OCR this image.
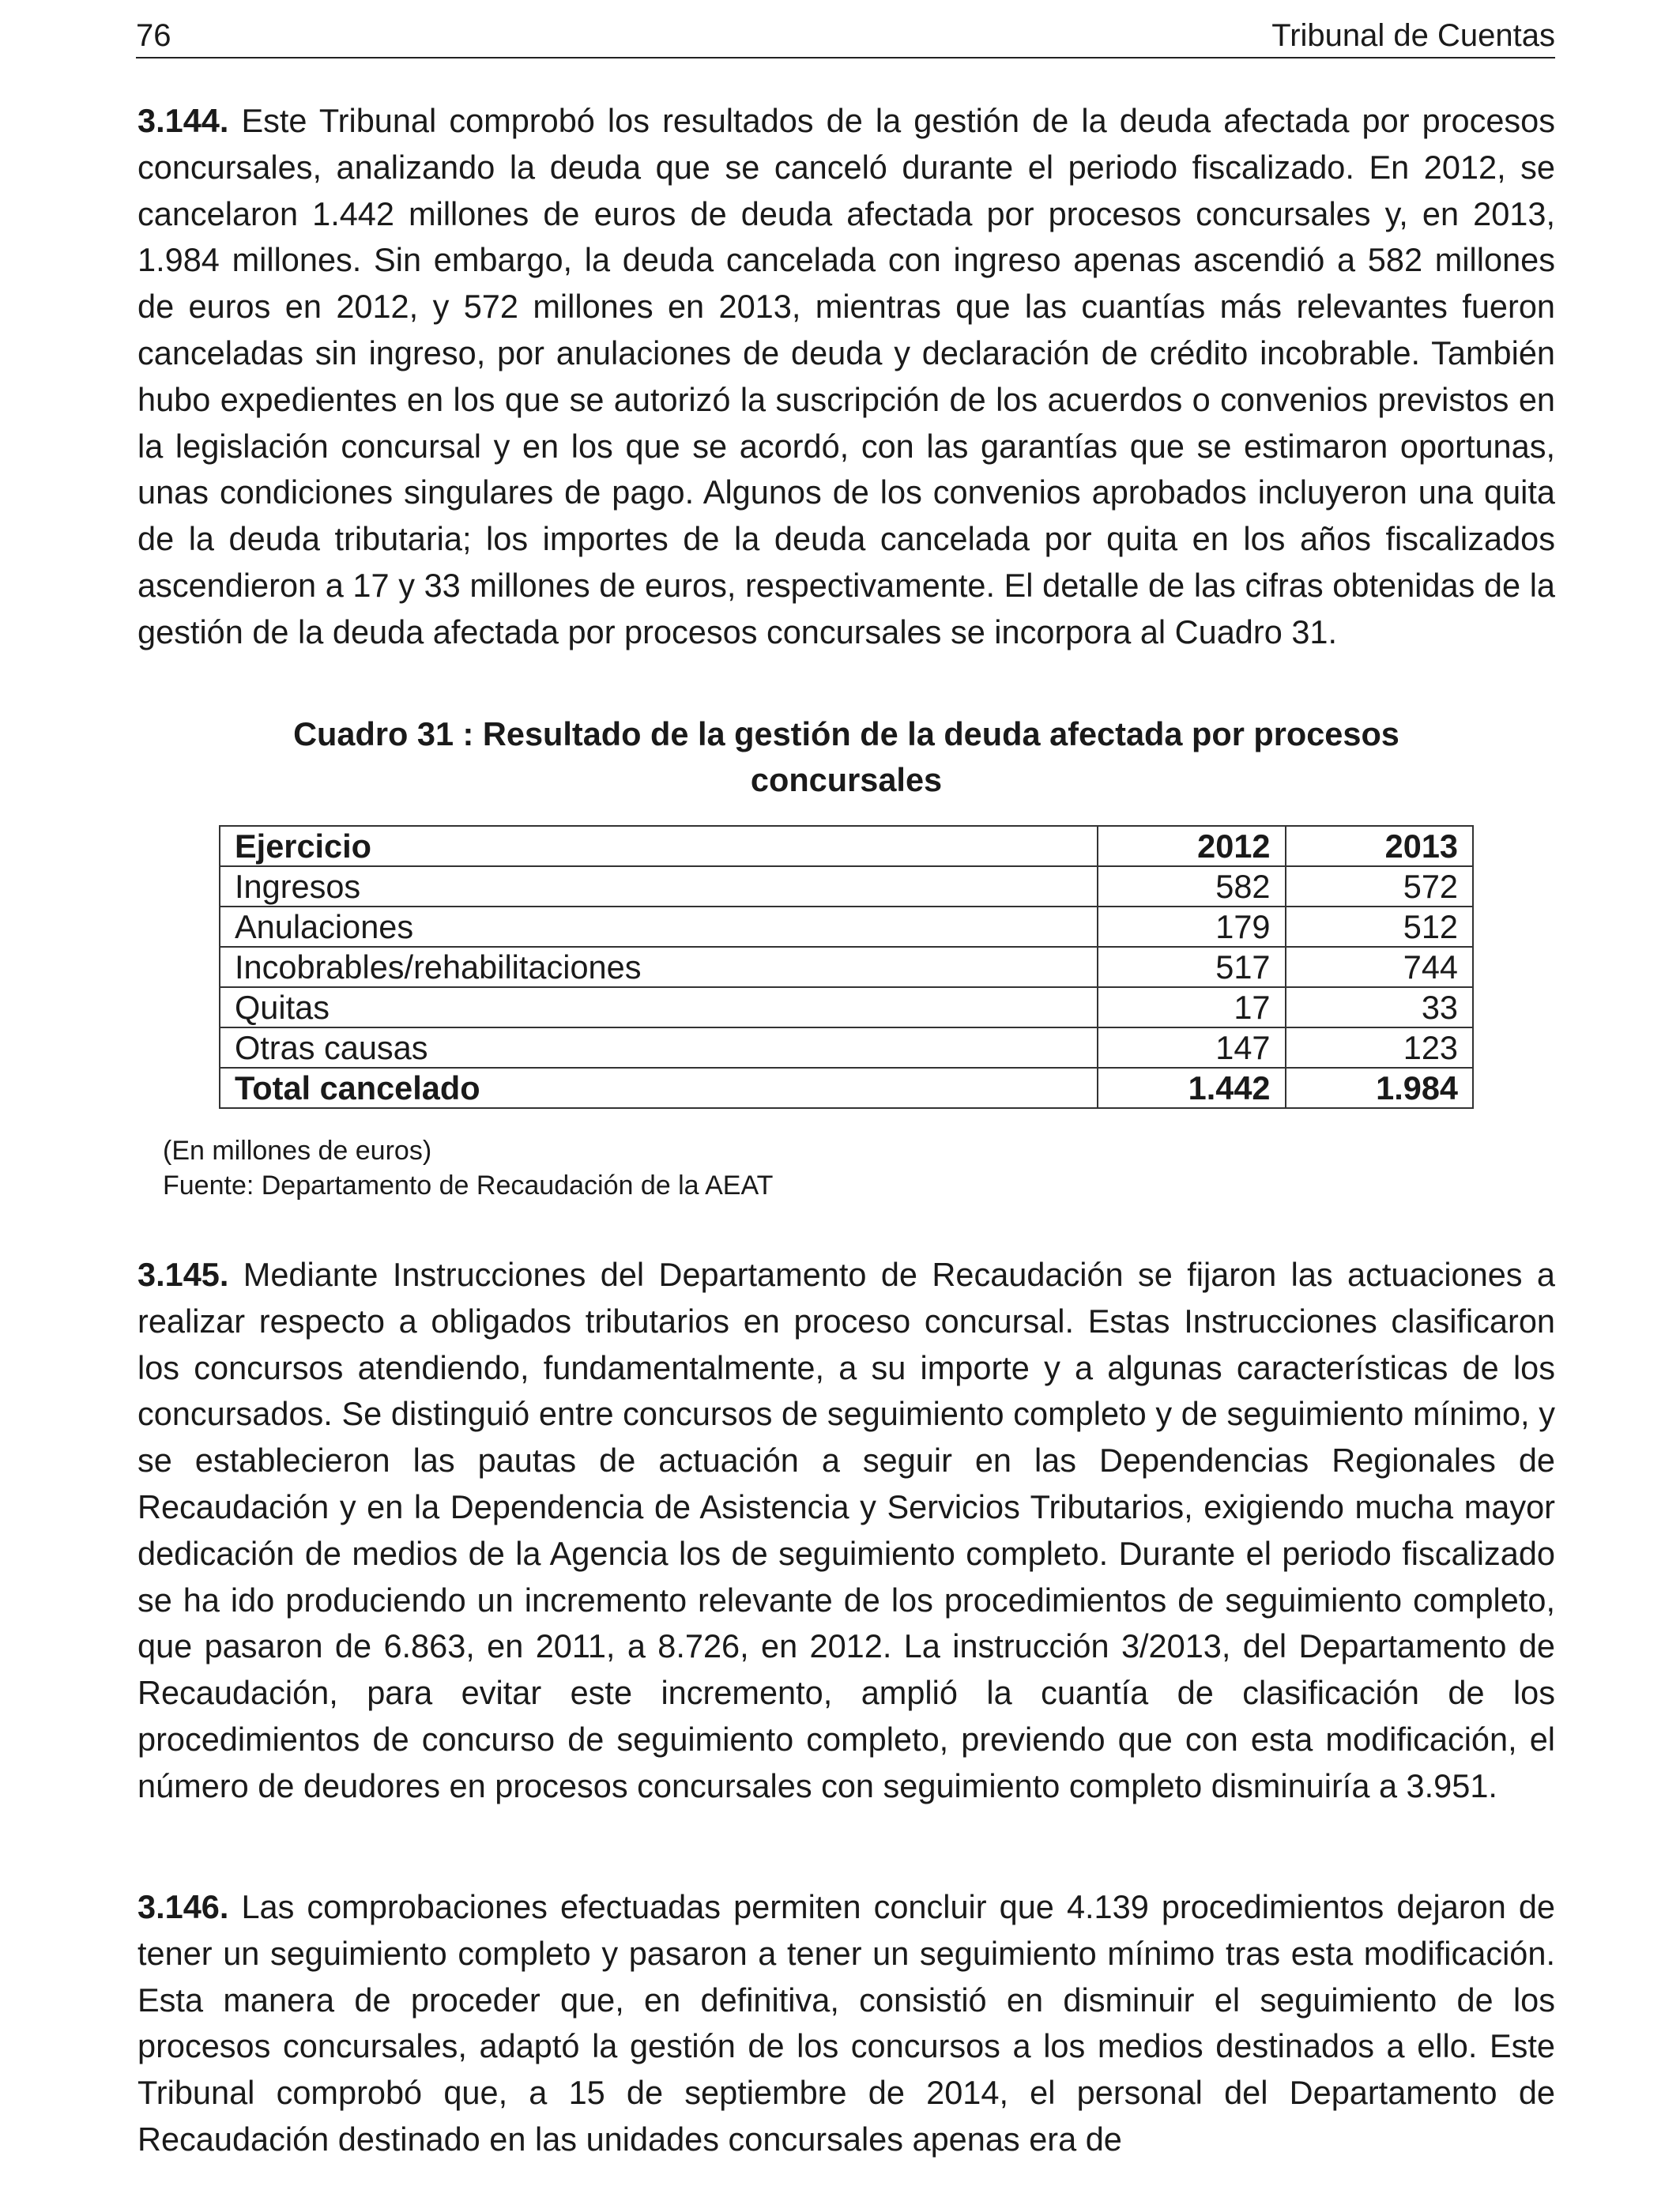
76	Tribunal de Cuentas

3.144. Este Tribunal comprobó los resultados de la gestión de la deuda afectada por procesos concursales, analizando la deuda que se canceló durante el periodo fiscalizado. En 2012, se cancelaron 1.442 millones de euros de deuda afectada por procesos concursales y, en 2013, 1.984 millones. Sin embargo, la deuda cancelada con ingreso apenas ascendió a 582 millones de euros en 2012, y 572 millones en 2013, mientras que las cuantías más relevantes fueron canceladas sin ingreso, por anulaciones de deuda y declaración de crédito incobrable. También hubo expedientes en los que se autorizó la suscripción de los acuerdos o convenios previstos en la legislación concursal y en los que se acordó, con las garantías que se estimaron oportunas, unas condiciones singulares de pago. Algunos de los convenios aprobados incluyeron una quita de la deuda tributaria; los importes de la deuda cancelada por quita en los años fiscalizados ascendieron a 17 y 33 millones de euros, respectivamente. El detalle de las cifras obtenidas de la gestión de la deuda afectada por procesos concursales se incorpora al Cuadro 31.

Cuadro 31 : Resultado de la gestión de la deuda afectada por procesos
concursales

Ejercicio	2012	2013
Ingresos	582	572
Anulaciones	179	512
Incobrables/rehabilitaciones	517	744
Quitas	17	33
Otras causas	147	123
Total cancelado	1.442	1.984

(En millones de euros)

Fuente: Departamento de Recaudación de la AEAT

3.145. Mediante Instrucciones del Departamento de Recaudación se fijaron las actuaciones a realizar respecto a obligados tributarios en proceso concursal. Estas Instrucciones clasificaron los concursos atendiendo, fundamentalmente, a su importe y a algunas características de los concursados. Se distinguió entre concursos de seguimiento completo y de seguimiento mínimo, y se establecieron las pautas de actuación a seguir en las Dependencias Regionales de Recaudación y en la Dependencia de Asistencia y Servicios Tributarios, exigiendo mucha mayor dedicación de medios de la Agencia los de seguimiento completo. Durante el periodo fiscalizado se ha ido produciendo un incremento relevante de los procedimientos de seguimiento completo, que pasaron de 6.863, en 2011, a 8.726, en 2012. La instrucción 3/2013, del Departamento de Recaudación, para evitar este incremento, amplió la cuantía de clasificación de los procedimientos de concurso de seguimiento completo, previendo que con esta modificación, el número de deudores en procesos concursales con seguimiento completo disminuiría a 3.951.

3.146. Las comprobaciones efectuadas permiten concluir que 4.139 procedimientos dejaron de tener un seguimiento completo y pasaron a tener un seguimiento mínimo tras esta modificación. Esta manera de proceder que, en definitiva, consistió en disminuir el seguimiento de los procesos concursales, adaptó la gestión de los concursos a los medios destinados a ello. Este Tribunal comprobó que, a 15 de septiembre de 2014, el personal del Departamento de Recaudación destinado en las unidades concursales apenas era de
